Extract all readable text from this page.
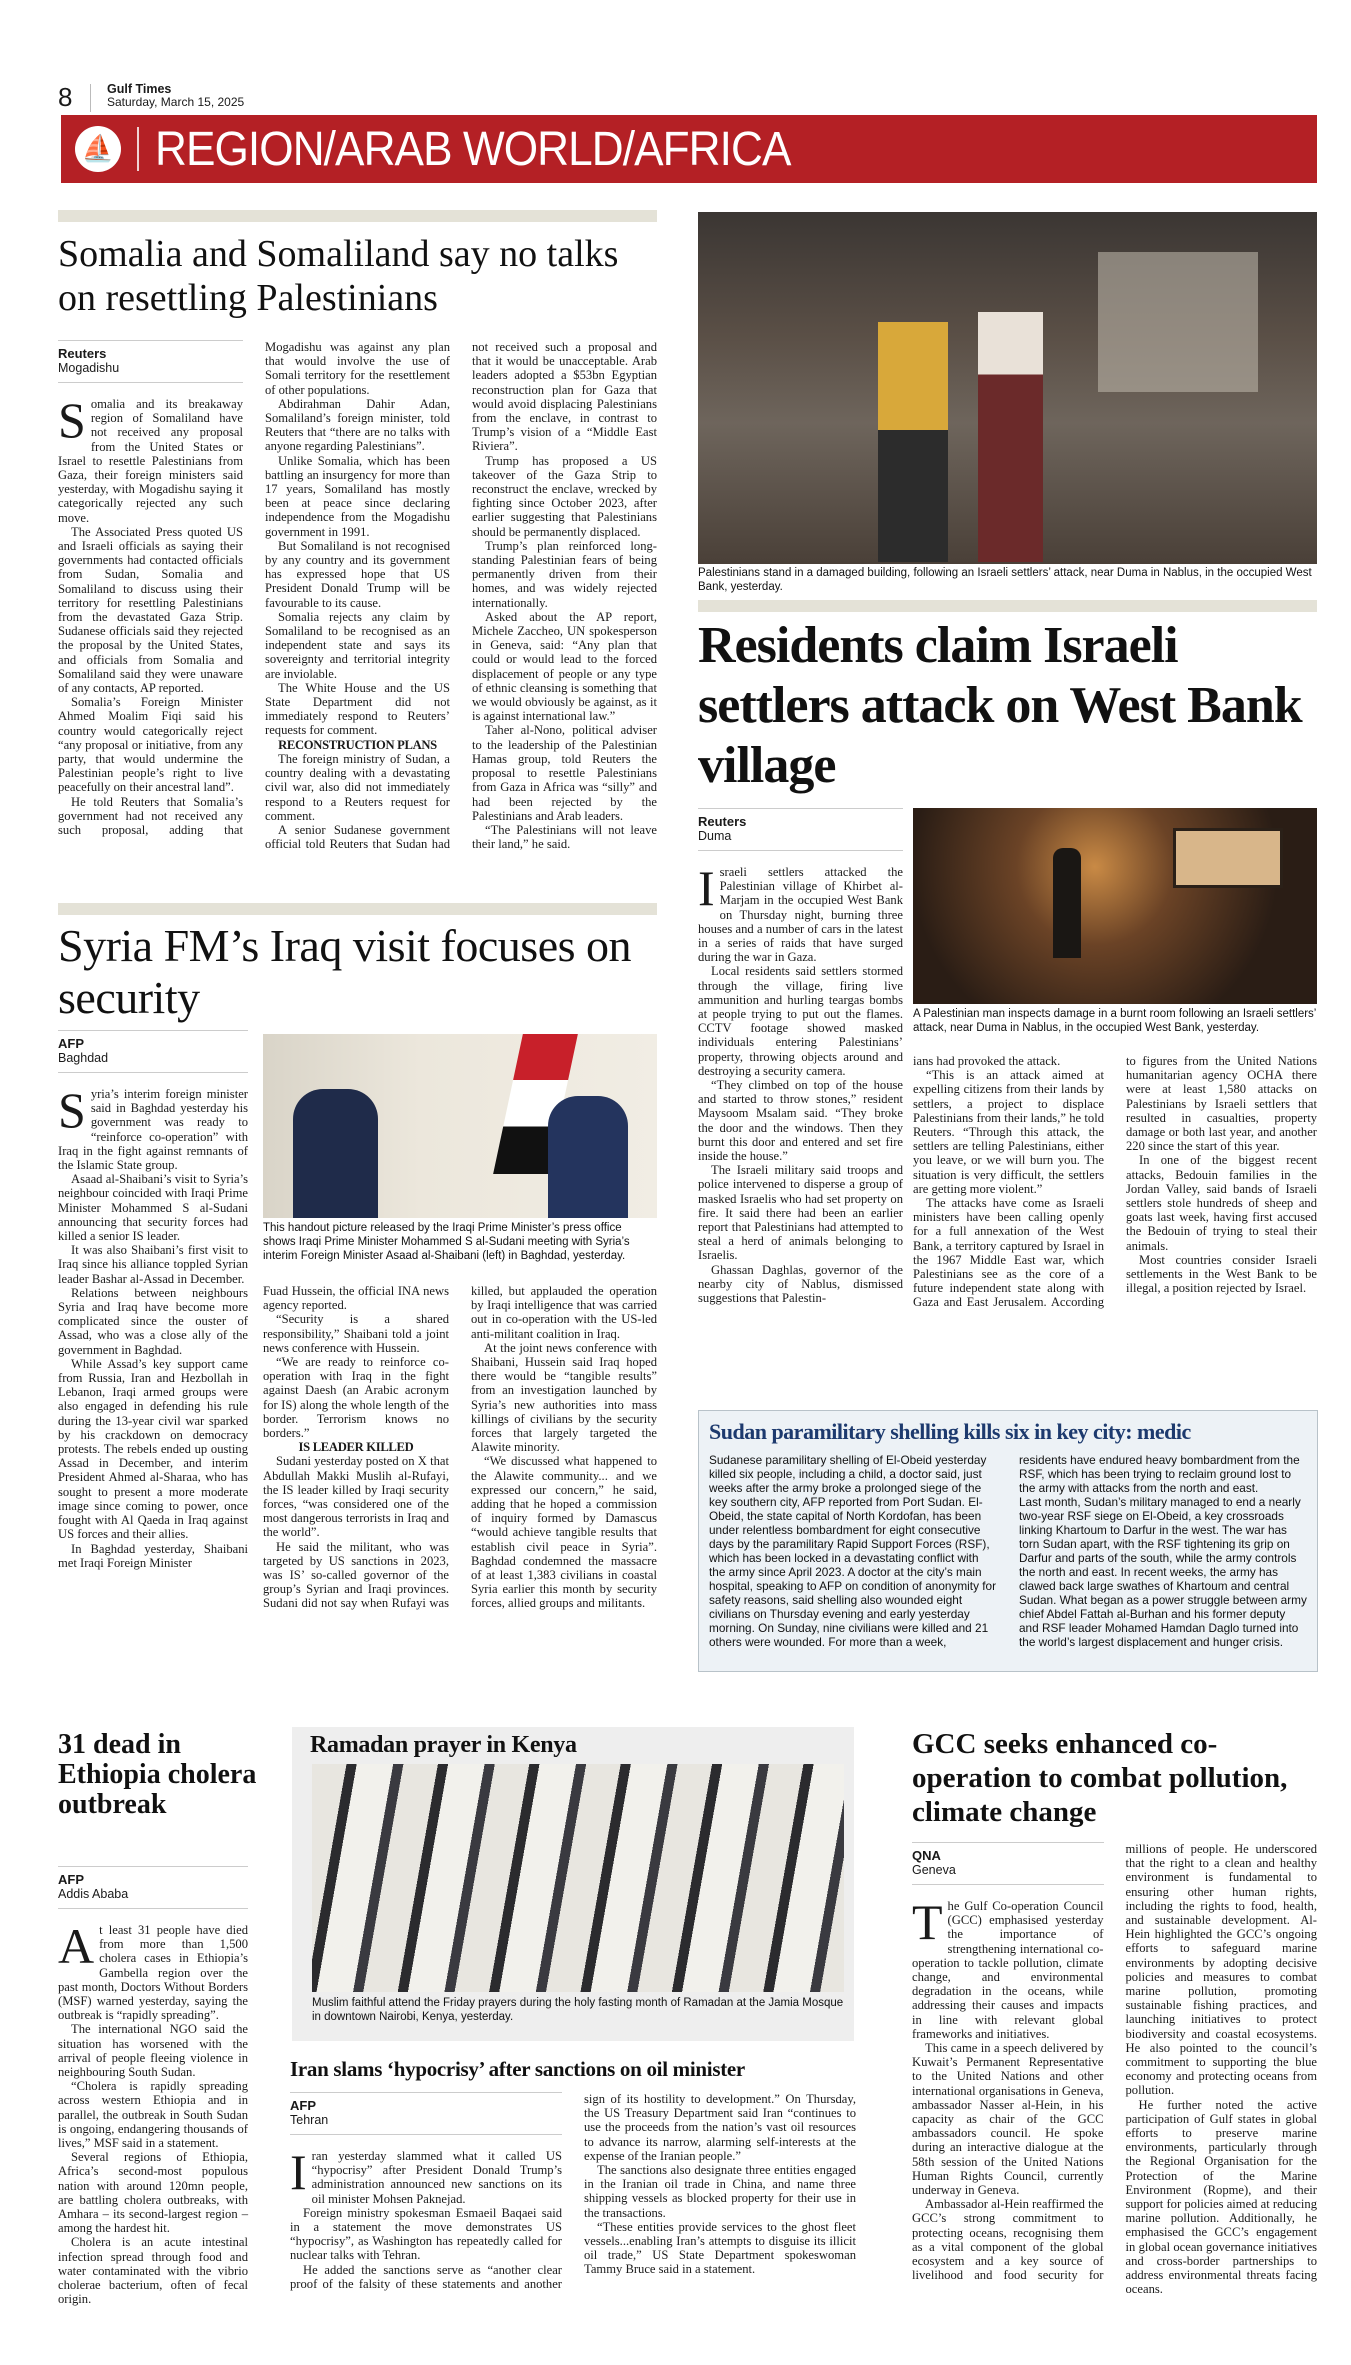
8	Gulf Times
Saturday, March 15, 2025
⛵ REGION/ARAB WORLD/AFRICA
Somalia and Somaliland say no talks on resettling Palestinians
Reuters
Mogadishu

Somalia and its breakaway region of Somaliland have not received any proposal from the United States or Israel to resettle Palestinians from Gaza, their foreign ministers said yesterday, with Mogadishu saying it categorically rejected any such move.

The Associated Press quoted US and Israeli officials as saying their governments had contacted officials from Sudan, Somalia and Somaliland to discuss using their territory for resettling Palestinians from the devastated Gaza Strip. Sudanese officials said they rejected the proposal by the United States, and officials from Somalia and Somaliland said they were unaware of any contacts, AP reported.

Somalia’s Foreign Minister Ahmed Moalim Fiqi said his country would categorically reject “any proposal or initiative, from any party, that would undermine the Palestinian people’s right to live peacefully on their ancestral land”.

He told Reuters that Somalia’s government had not received any such proposal, adding that Mogadishu was against any plan that would involve the use of Somali territory for the resettlement of other populations.

Abdirahman Dahir Adan, Somaliland’s foreign minister, told Reuters that “there are no talks with anyone regarding Palestinians”.

Unlike Somalia, which has been battling an insurgency for more than 17 years, Somaliland has mostly been at peace since declaring independence from the Mogadishu government in 1991.

But Somaliland is not recognised by any country and its government has expressed hope that US President Donald Trump will be favourable to its cause.

Somalia rejects any claim by Somaliland to be recognised as an independent state and says its sovereignty and territorial integrity are inviolable.

The White House and the US State Department did not immediately respond to Reuters’ requests for comment.

RECONSTRUCTION PLANS

The foreign ministry of Sudan, a country dealing with a devastating civil war, also did not immediately respond to a Reuters request for comment.

A senior Sudanese government official told Reuters that Sudan had not received such a proposal and that it would be unacceptable. Arab leaders adopted a $53bn Egyptian reconstruction plan for Gaza that would avoid displacing Palestinians from the enclave, in contrast to Trump’s vision of a “Middle East Riviera”.

Trump has proposed a US takeover of the Gaza Strip to reconstruct the enclave, wrecked by fighting since October 2023, after earlier suggesting that Palestinians should be permanently displaced.

Trump’s plan reinforced long-standing Palestinian fears of being permanently driven from their homes, and was widely rejected internationally.

Asked about the AP report, Michele Zaccheo, UN spokesperson in Geneva, said: “Any plan that could or would lead to the forced displacement of people or any type of ethnic cleansing is something that we would obviously be against, as it is against international law.”

Taher al-Nono, political adviser to the leadership of the Palestinian Hamas group, told Reuters the proposal to resettle Palestinians from Gaza in Africa was “silly” and had been rejected by the Palestinians and Arab leaders.

“The Palestinians will not leave their land,” he said.

Palestinians stand in a damaged building, following an Israeli settlers’ attack, near Duma in Nablus, in the occupied West Bank, yesterday.
Residents claim Israeli settlers attack on West Bank village
Reuters
Duma

Israeli settlers attacked the Palestinian village of Khirbet al-Marjam in the occupied West Bank on Thursday night, burning three houses and a number of cars in the latest in a series of raids that have surged during the war in Gaza.

Local residents said settlers stormed through the village, firing live ammunition and hurling teargas bombs at people trying to put out the flames. CCTV footage showed masked individuals entering Palestinians’ property, throwing objects around and destroying a security camera.

“They climbed on top of the house and started to throw stones,” resident Maysoom Msalam said. “They broke the door and the windows. Then they burnt this door and entered and set fire inside the house.”

The Israeli military said troops and police intervened to disperse a group of masked Israelis who had set property on fire. It said there had been an earlier report that Palestinians had attempted to steal a herd of animals belonging to Israelis.

Ghassan Daghlas, governor of the nearby city of Nablus, dismissed suggestions that Palestin-

A Palestinian man inspects damage in a burnt room following an Israeli settlers’ attack, near Duma in Nablus, in the occupied West Bank, yesterday.

ians had provoked the attack.

“This is an attack aimed at expelling citizens from their lands by settlers, a project to displace Palestinians from their lands,” he told Reuters. “Through this attack, the settlers are telling Palestinians, either you leave, or we will burn you. The situation is very difficult, the settlers are getting more violent.”

The attacks have come as Israeli ministers have been calling openly for a full annexation of the West Bank, a territory captured by Israel in the 1967 Middle East war, which Palestinians see as the core of a future independent state along with Gaza and East Jerusalem. According to figures from the United Nations humanitarian agency OCHA there were at least 1,580 attacks on Palestinians by Israeli settlers that resulted in casualties, property damage or both last year, and another 220 since the start of this year.

In one of the biggest recent attacks, Bedouin families in the Jordan Valley, said bands of Israeli settlers stole hundreds of sheep and goats last week, having first accused the Bedouin of trying to steal their animals.

Most countries consider Israeli settlements in the West Bank to be illegal, a position rejected by Israel.

Syria FM’s Iraq visit focuses on security
AFP
Baghdad

Syria’s interim foreign minister said in Baghdad yesterday his government was ready to “reinforce co-operation” with Iraq in the fight against remnants of the Islamic State group.

Asaad al-Shaibani’s visit to Syria’s neighbour coincided with Iraqi Prime Minister Mohammed S al-Sudani announcing that security forces had killed a senior IS leader.

It was also Shaibani’s first visit to Iraq since his alliance toppled Syrian leader Bashar al-Assad in December.

Relations between neighbours Syria and Iraq have become more complicated since the ouster of Assad, who was a close ally of the government in Baghdad.

While Assad’s key support came from Russia, Iran and Hezbollah in Lebanon, Iraqi armed groups were also engaged in defending his rule during the 13-year civil war sparked by his crackdown on democracy protests. The rebels ended up ousting Assad in December, and interim President Ahmed al-Sharaa, who has sought to present a more moderate image since coming to power, once fought with Al Qaeda in Iraq against US forces and their allies.

In Baghdad yesterday, Shaibani met Iraqi Foreign Minister

This handout picture released by the Iraqi Prime Minister’s press office shows Iraqi Prime Minister Mohammed S al-Sudani meeting with Syria’s interim Foreign Minister Asaad al-Shaibani (left) in Baghdad, yesterday.

Fuad Hussein, the official INA news agency reported.

“Security is a shared responsibility,” Shaibani told a joint news conference with Hussein.

“We are ready to reinforce co-operation with Iraq in the fight against Daesh (an Arabic acronym for IS) along the whole length of the border. Terrorism knows no borders.”

IS LEADER KILLED

Sudani yesterday posted on X that Abdullah Makki Muslih al-Rufayi, the IS leader killed by Iraqi security forces, “was considered one of the most dangerous terrorists in Iraq and the world”.

He said the militant, who was targeted by US sanctions in 2023, was IS’ so-called governor of the group’s Syrian and Iraqi provinces. Sudani did not say when Rufayi was killed, but applauded the operation by Iraqi intelligence that was carried out in co-operation with the US-led anti-militant coalition in Iraq.

At the joint news conference with Shaibani, Hussein said Iraq hoped there would be “tangible results” from an investigation launched by Syria’s new authorities into mass killings of civilians by the security forces that largely targeted the Alawite minority.

“We discussed what happened to the Alawite community... and we expressed our concern,” he said, adding that he hoped a commission of inquiry formed by Damascus “would achieve tangible results that establish civil peace in Syria”. Baghdad condemned the massacre of at least 1,383 civilians in coastal Syria earlier this month by security forces, allied groups and militants.

Sudan paramilitary shelling kills six in key city: medic

Sudanese paramilitary shelling of El-Obeid yesterday killed six people, including a child, a doctor said, just weeks after the army broke a prolonged siege of the key southern city, AFP reported from Port Sudan. El-Obeid, the state capital of North Kordofan, has been under relentless bombardment for eight consecutive days by the paramilitary Rapid Support Forces (RSF), which has been locked in a devastating conflict with the army since April 2023. A doctor at the city’s main hospital, speaking to AFP on condition of anonymity for safety reasons, said shelling also wounded eight civilians on Thursday evening and early yesterday morning. On Sunday, nine civilians were killed and 21 others were wounded. For more than a week, residents have endured heavy bombardment from the RSF, which has been trying to reclaim ground lost to the army with attacks from the north and east.

Last month, Sudan’s military managed to end a nearly two-year RSF siege on El-Obeid, a key crossroads linking Khartoum to Darfur in the west. The war has torn Sudan apart, with the RSF tightening its grip on Darfur and parts of the south, while the army controls the north and east. In recent weeks, the army has clawed back large swathes of Khartoum and central Sudan. What began as a power struggle between army chief Abdel Fattah al-Burhan and his former deputy and RSF leader Mohamed Hamdan Daglo turned into the world’s largest displacement and hunger crisis.

31 dead in Ethiopia cholera outbreak
AFP
Addis Ababa

At least 31 people have died from more than 1,500 cholera cases in Ethiopia’s Gambella region over the past month, Doctors Without Borders (MSF) warned yesterday, saying the outbreak is “rapidly spreading”.

The international NGO said the situation has worsened with the arrival of people fleeing violence in neighbouring South Sudan.

“Cholera is rapidly spreading across western Ethiopia and in parallel, the outbreak in South Sudan is ongoing, endangering thousands of lives,” MSF said in a statement.

Several regions of Ethiopia, Africa’s second-most populous nation with around 120mn people, are battling cholera outbreaks, with Amhara – its second-largest region – among the hardest hit.

Cholera is an acute intestinal infection spread through food and water contaminated with the vibrio cholerae bacterium, often of fecal origin.

Ramadan prayer in Kenya
Muslim faithful attend the Friday prayers during the holy fasting month of Ramadan at the Jamia Mosque in downtown Nairobi, Kenya, yesterday.
Iran slams ‘hypocrisy’ after sanctions on oil minister
AFP
Tehran

Iran yesterday slammed what it called US “hypocrisy” after President Donald Trump’s administration announced new sanctions on its oil minister Mohsen Paknejad.

Foreign ministry spokesman Esmaeil Baqaei said in a statement the move demonstrates US “hypocrisy”, as Washington has repeatedly called for nuclear talks with Tehran.

He added the sanctions serve as “another clear proof of the falsity of these statements and another sign of its hostility to development.” On Thursday, the US Treasury Department said Iran “continues to use the proceeds from the nation’s vast oil resources to advance its narrow, alarming self-interests at the expense of the Iranian people.”

The sanctions also designate three entities engaged in the Iranian oil trade in China, and name three shipping vessels as blocked property for their use in the transactions.

“These entities provide services to the ghost fleet vessels...enabling Iran’s attempts to disguise its illicit oil trade,” US State Department spokeswoman Tammy Bruce said in a statement.

GCC seeks enhanced co-operation to combat pollution, climate change
QNA
Geneva

The Gulf Co-operation Council (GCC) emphasised yesterday the importance of strengthening international co-operation to tackle pollution, climate change, and environmental degradation in the oceans, while addressing their causes and impacts in line with relevant global frameworks and initiatives.

This came in a speech delivered by Kuwait’s Permanent Representative to the United Nations and other international organisations in Geneva, ambassador Nasser al-Hein, in his capacity as chair of the GCC ambassadors council. He spoke during an interactive dialogue at the 58th session of the United Nations Human Rights Council, currently underway in Geneva.

Ambassador al-Hein reaffirmed the GCC’s strong commitment to protecting oceans, recognising them as a vital component of the global ecosystem and a key source of livelihood and food security for millions of people. He underscored that the right to a clean and healthy environment is fundamental to ensuring other human rights, including the rights to food, health, and sustainable development. Al-Hein highlighted the GCC’s ongoing efforts to safeguard marine environments by adopting decisive policies and measures to combat marine pollution, promoting sustainable fishing practices, and launching initiatives to protect biodiversity and coastal ecosystems. He also pointed to the council’s commitment to supporting the blue economy and protecting oceans from pollution.

He further noted the active participation of Gulf states in global efforts to preserve marine environments, particularly through the Regional Organisation for the Protection of the Marine Environment (Ropme), and their support for policies aimed at reducing marine pollution. Additionally, he emphasised the GCC’s engagement in global ocean governance initiatives and cross-border partnerships to address environmental threats facing oceans.
